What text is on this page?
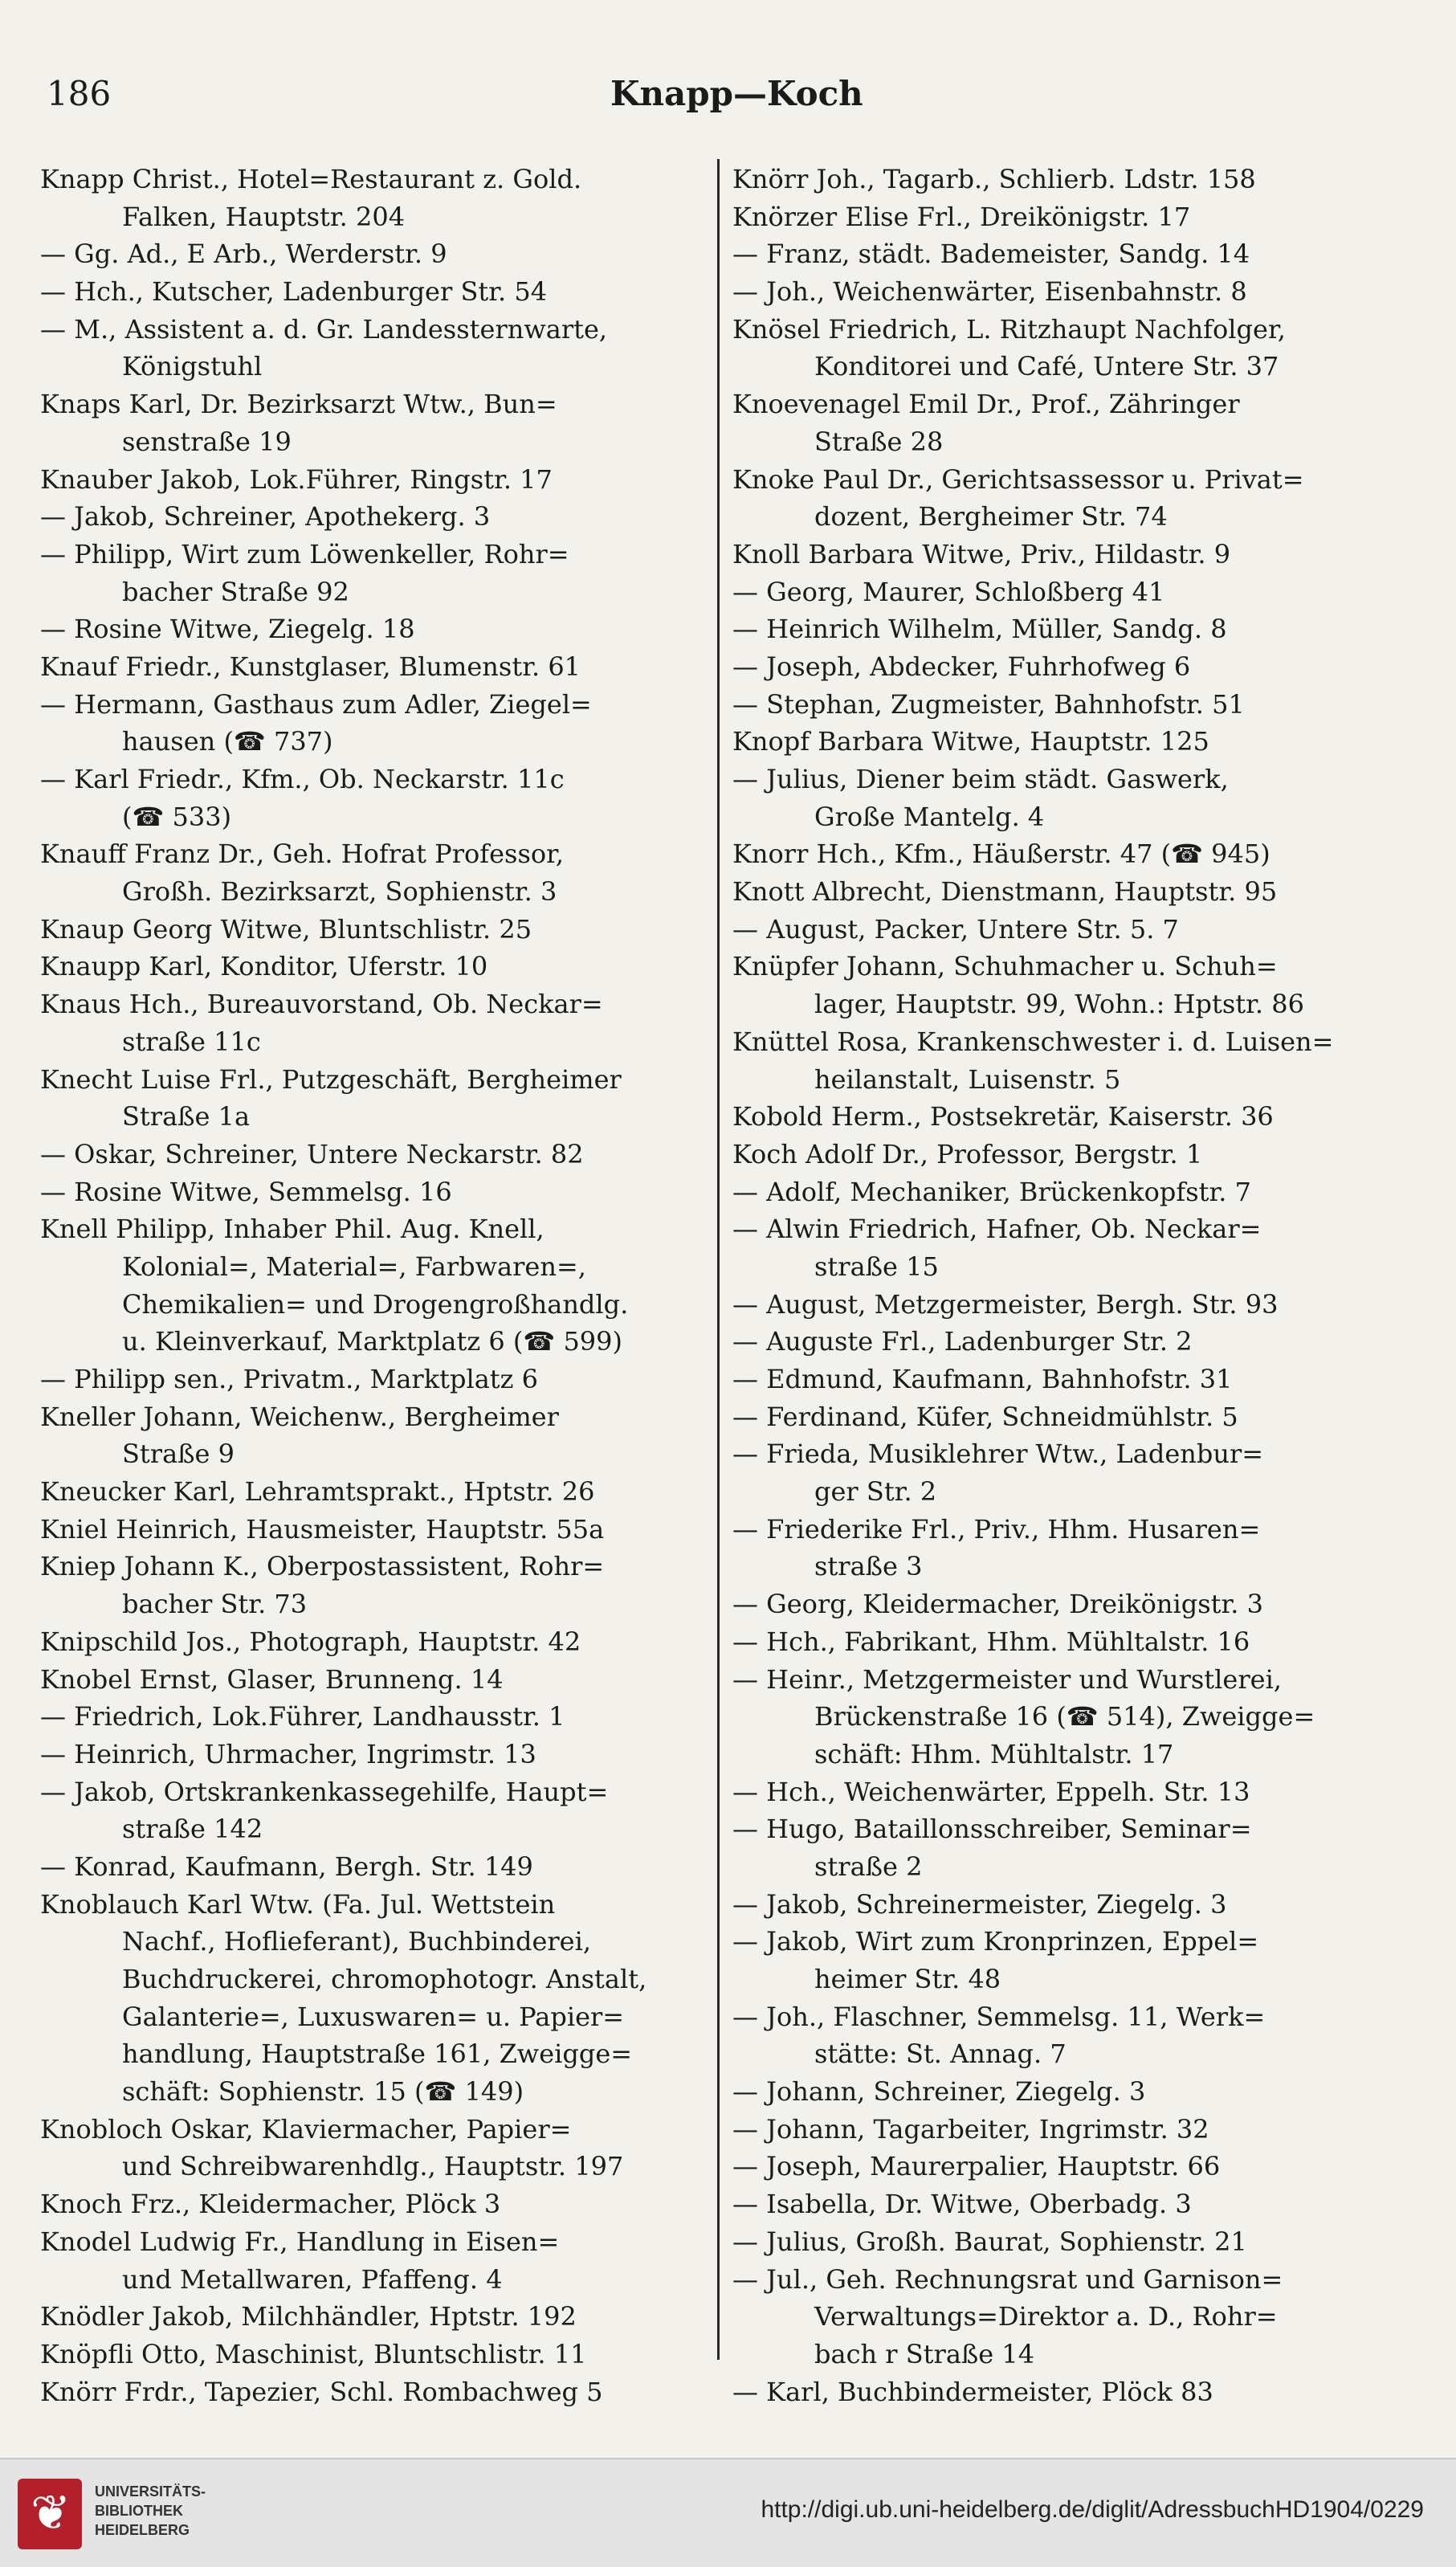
186	Knapp—Koch
Knapp Christ., Hotel=Restaurant z. Gold.
Falken, Hauptstr. 204
— Gg. Ad., E Arb., Werderstr. 9
— Hch., Kutscher, Ladenburger Str. 54
— M., Assistent a. d. Gr. Landessternwarte,
Königstuhl
Knaps Karl, Dr. Bezirksarzt Wtw., Bun=
senstraße 19
Knauber Jakob, Lok.Führer, Ringstr. 17
— Jakob, Schreiner, Apothekerg. 3
— Philipp, Wirt zum Löwenkeller, Rohr=
bacher Straße 92
— Rosine Witwe, Ziegelg. 18
Knauf Friedr., Kunstglaser, Blumenstr. 61
— Hermann, Gasthaus zum Adler, Ziegel=
hausen (☎ 737)
— Karl Friedr., Kfm., Ob. Neckarstr. 11c
(☎ 533)
Knauff Franz Dr., Geh. Hofrat Professor,
Großh. Bezirksarzt, Sophienstr. 3
Knaup Georg Witwe, Bluntschlistr. 25
Knaupp Karl, Konditor, Uferstr. 10
Knaus Hch., Bureauvorstand, Ob. Neckar=
straße 11c
Knecht Luise Frl., Putzgeschäft, Bergheimer
Straße 1a
— Oskar, Schreiner, Untere Neckarstr. 82
— Rosine Witwe, Semmelsg. 16
Knell Philipp, Inhaber Phil. Aug. Knell,
Kolonial=, Material=, Farbwaren=,
Chemikalien= und Drogengroßhandlg.
u. Kleinverkauf, Marktplatz 6 (☎ 599)
— Philipp sen., Privatm., Marktplatz 6
Kneller Johann, Weichenw., Bergheimer
Straße 9
Kneucker Karl, Lehramtsprakt., Hptstr. 26
Kniel Heinrich, Hausmeister, Hauptstr. 55a
Kniep Johann K., Oberpostassistent, Rohr=
bacher Str. 73
Knipschild Jos., Photograph, Hauptstr. 42
Knobel Ernst, Glaser, Brunneng. 14
— Friedrich, Lok.Führer, Landhausstr. 1
— Heinrich, Uhrmacher, Ingrimstr. 13
— Jakob, Ortskrankenkassegehilfe, Haupt=
straße 142
— Konrad, Kaufmann, Bergh. Str. 149
Knoblauch Karl Wtw. (Fa. Jul. Wettstein
Nachf., Hoflieferant), Buchbinderei,
Buchdruckerei, chromophotogr. Anstalt,
Galanterie=, Luxuswaren= u. Papier=
handlung, Hauptstraße 161, Zweigge=
schäft: Sophienstr. 15 (☎ 149)
Knobloch Oskar, Klaviermacher, Papier=
und Schreibwarenhdlg., Hauptstr. 197
Knoch Frz., Kleidermacher, Plöck 3
Knodel Ludwig Fr., Handlung in Eisen=
und Metallwaren, Pfaffeng. 4
Knödler Jakob, Milchhändler, Hptstr. 192
Knöpfli Otto, Maschinist, Bluntschlistr. 11
Knörr Frdr., Tapezier, Schl. Rombachweg 5
Knörr Joh., Tagarb., Schlierb. Ldstr. 158
Knörzer Elise Frl., Dreikönigstr. 17
— Franz, städt. Bademeister, Sandg. 14
— Joh., Weichenwärter, Eisenbahnstr. 8
Knösel Friedrich, L. Ritzhaupt Nachfolger,
Konditorei und Café, Untere Str. 37
Knoevenagel Emil Dr., Prof., Zähringer
Straße 28
Knoke Paul Dr., Gerichtsassessor u. Privat=
dozent, Bergheimer Str. 74
Knoll Barbara Witwe, Priv., Hildastr. 9
— Georg, Maurer, Schloßberg 41
— Heinrich Wilhelm, Müller, Sandg. 8
— Joseph, Abdecker, Fuhrhofweg 6
— Stephan, Zugmeister, Bahnhofstr. 51
Knopf Barbara Witwe, Hauptstr. 125
— Julius, Diener beim städt. Gaswerk,
Große Mantelg. 4
Knorr Hch., Kfm., Häußerstr. 47 (☎ 945)
Knott Albrecht, Dienstmann, Hauptstr. 95
— August, Packer, Untere Str. 5. 7
Knüpfer Johann, Schuhmacher u. Schuh=
lager, Hauptstr. 99, Wohn.: Hptstr. 86
Knüttel Rosa, Krankenschwester i. d. Luisen=
heilanstalt, Luisenstr. 5
Kobold Herm., Postsekretär, Kaiserstr. 36
Koch Adolf Dr., Professor, Bergstr. 1
— Adolf, Mechaniker, Brückenkopfstr. 7
— Alwin Friedrich, Hafner, Ob. Neckar=
straße 15
— August, Metzgermeister, Bergh. Str. 93
— Auguste Frl., Ladenburger Str. 2
— Edmund, Kaufmann, Bahnhofstr. 31
— Ferdinand, Küfer, Schneidmühlstr. 5
— Frieda, Musiklehrer Wtw., Ladenbur=
ger Str. 2
— Friederike Frl., Priv., Hhm. Husaren=
straße 3
— Georg, Kleidermacher, Dreikönigstr. 3
— Hch., Fabrikant, Hhm. Mühltalstr. 16
— Heinr., Metzgermeister und Wurstlerei,
Brückenstraße 16 (☎ 514), Zweigge=
schäft: Hhm. Mühltalstr. 17
— Hch., Weichenwärter, Eppelh. Str. 13
— Hugo, Bataillonsschreiber, Seminar=
straße 2
— Jakob, Schreinermeister, Ziegelg. 3
— Jakob, Wirt zum Kronprinzen, Eppel=
heimer Str. 48
— Joh., Flaschner, Semmelsg. 11, Werk=
stätte: St. Annag. 7
— Johann, Schreiner, Ziegelg. 3
— Johann, Tagarbeiter, Ingrimstr. 32
— Joseph, Maurerpalier, Hauptstr. 66
— Isabella, Dr. Witwe, Oberbadg. 3
— Julius, Großh. Baurat, Sophienstr. 21
— Jul., Geh. Rechnungsrat und Garnison=
Verwaltungs=Direktor a. D., Rohr=
bach r Straße 14
— Karl, Buchbindermeister, Plöck 83
❦ UNIVERSITÄTS-
BIBLIOTHEK
HEIDELBERG
http://digi.ub.uni-heidelberg.de/diglit/AdressbuchHD1904/0229
